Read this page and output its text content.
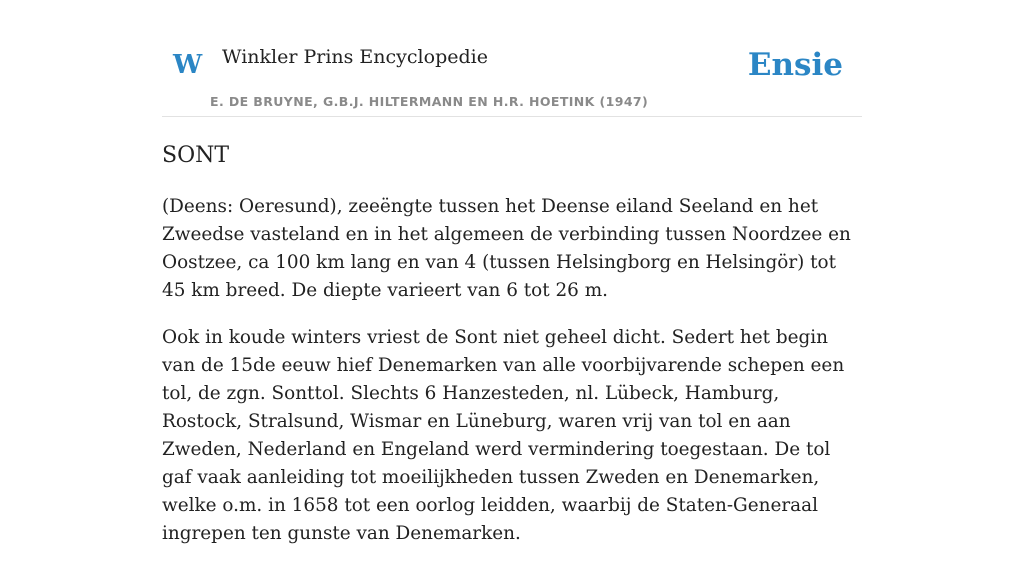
W Winkler Prins Encyclopedie
E. DE BRUYNE, G.B.J. HILTERMANN EN H.R. HOETINK (1947)
Ensie
SONT

(Deens: Oeresund), zeeëngte tussen het Deense eiland Seeland en het Zweedse vasteland en in het algemeen de verbinding tussen Noordzee en Oostzee, ca 100 km lang en van 4 (tussen Helsingborg en Helsingör) tot 45 km breed. De diepte varieert van 6 tot 26 m.

Ook in koude winters vriest de Sont niet geheel dicht. Sedert het begin van de 15de eeuw hief Denemarken van alle voorbijvarende schepen een tol, de zgn. Sonttol. Slechts 6 Hanzesteden, nl. Lübeck, Hamburg, Rostock, Stralsund, Wismar en Lüneburg, waren vrij van tol en aan Zweden, Nederland en Engeland werd vermindering toegestaan. De tol gaf vaak aanleiding tot moeilijkheden tussen Zweden en Denemarken, welke o.m. in 1658 tot een oorlog leidden, waarbij de Staten-Generaal ingrepen ten gunste van Denemarken.
